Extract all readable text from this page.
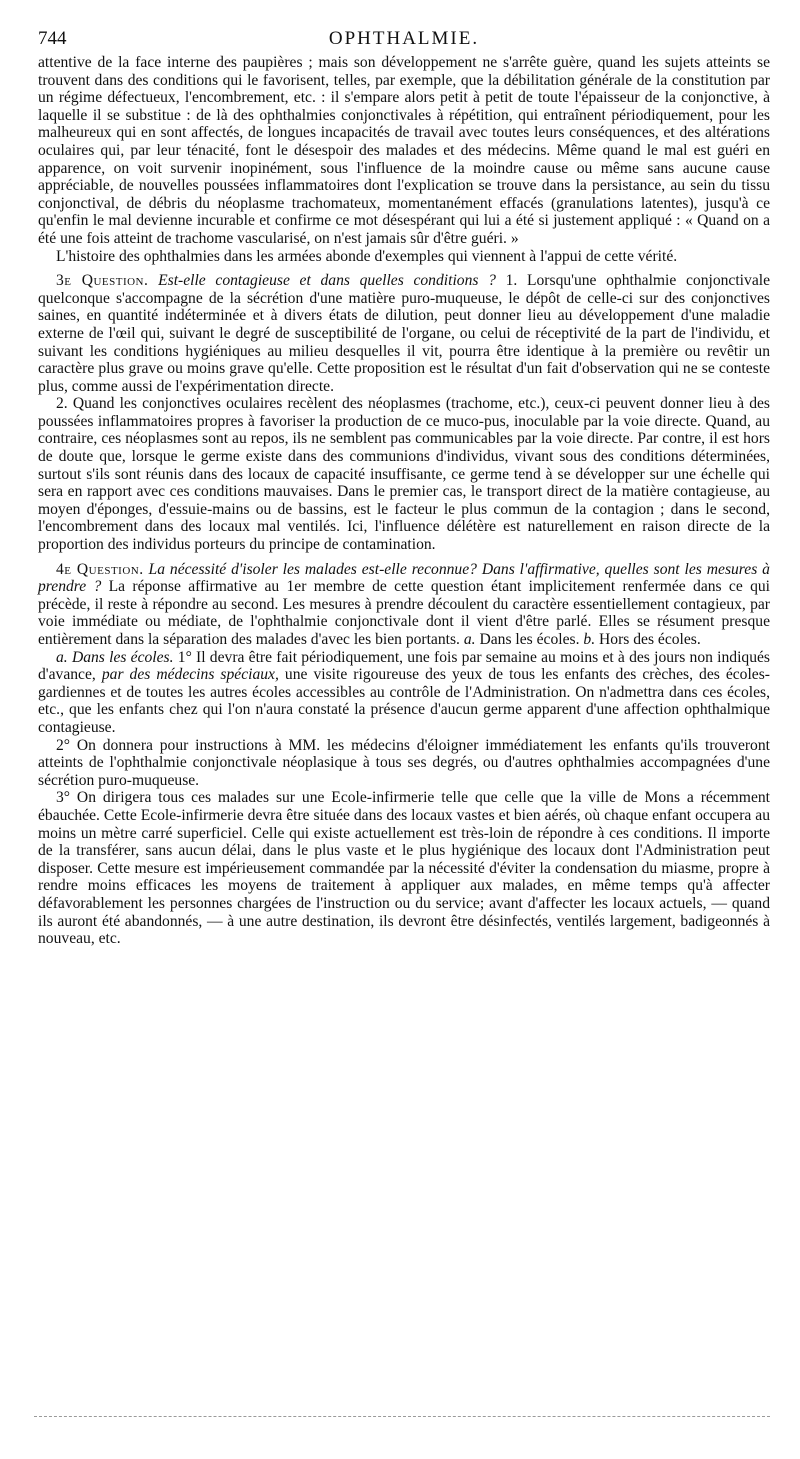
744	OPHTHALMIE.

attentive de la face interne des paupières ; mais son développement ne s'arrête guère, quand les sujets atteints se trouvent dans des conditions qui le favorisent, telles, par exemple, que la débilitation générale de la constitution par un régime défectueux, l'encombrement, etc. : il s'empare alors petit à petit de toute l'épaisseur de la conjonctive, à laquelle il se substitue : de là des ophthalmies conjonctivales à répétition, qui entraînent périodiquement, pour les malheureux qui en sont affectés, de longues incapacités de travail avec toutes leurs conséquences, et des altérations oculaires qui, par leur ténacité, font le désespoir des malades et des médecins. Même quand le mal est guéri en apparence, on voit survenir inopinément, sous l'influence de la moindre cause ou même sans aucune cause appréciable, de nouvelles poussées inflammatoires dont l'explication se trouve dans la persistance, au sein du tissu conjonctival, de débris du néoplasme trachomateux, momentanément effacés (granulations latentes), jusqu'à ce qu'enfin le mal devienne incurable et confirme ce mot désespérant qui lui a été si justement appliqué : « Quand on a été une fois atteint de trachome vascularisé, on n'est jamais sûr d'être guéri. »

L'histoire des ophthalmies dans les armées abonde d'exemples qui viennent à l'appui de cette vérité.

3e Question. Est-elle contagieuse et dans quelles conditions ? 1. Lorsqu'une ophthalmie conjonctivale quelconque s'accompagne de la sécrétion d'une matière puro-muqueuse, le dépôt de celle-ci sur des conjonctives saines, en quantité indéterminée et à divers états de dilution, peut donner lieu au développement d'une maladie externe de l'œil qui, suivant le degré de susceptibilité de l'organe, ou celui de réceptivité de la part de l'individu, et suivant les conditions hygiéniques au milieu desquelles il vit, pourra être identique à la première ou revêtir un caractère plus grave ou moins grave qu'elle. Cette proposition est le résultat d'un fait d'observation qui ne se conteste plus, comme aussi de l'expérimentation directe.

2. Quand les conjonctives oculaires recèlent des néoplasmes (trachome, etc.), ceux-ci peuvent donner lieu à des poussées inflammatoires propres à favoriser la production de ce muco-pus, inoculable par la voie directe. Quand, au contraire, ces néoplasmes sont au repos, ils ne semblent pas communicables par la voie directe. Par contre, il est hors de doute que, lorsque le germe existe dans des communions d'individus, vivant sous des conditions déterminées, surtout s'ils sont réunis dans des locaux de capacité insuffisante, ce germe tend à se développer sur une échelle qui sera en rapport avec ces conditions mauvaises. Dans le premier cas, le transport direct de la matière contagieuse, au moyen d'éponges, d'essuie-mains ou de bassins, est le facteur le plus commun de la contagion ; dans le second, l'encombrement dans des locaux mal ventilés. Ici, l'influence délétère est naturellement en raison directe de la proportion des individus porteurs du principe de contamination.

4e Question. La nécessité d'isoler les malades est-elle reconnue? Dans l'affirmative, quelles sont les mesures à prendre ? La réponse affirmative au 1er membre de cette question étant implicitement renfermée dans ce qui précède, il reste à répondre au second. Les mesures à prendre découlent du caractère essentiellement contagieux, par voie immédiate ou médiate, de l'ophthalmie conjonctivale dont il vient d'être parlé. Elles se résument presque entièrement dans la séparation des malades d'avec les bien portants. a. Dans les écoles. b. Hors des écoles.

a. Dans les écoles. 1° Il devra être fait périodiquement, une fois par semaine au moins et à des jours non indiqués d'avance, par des médecins spéciaux, une visite rigoureuse des yeux de tous les enfants des crèches, des écoles-gardiennes et de toutes les autres écoles accessibles au contrôle de l'Administration. On n'admettra dans ces écoles, etc., que les enfants chez qui l'on n'aura constaté la présence d'aucun germe apparent d'une affection ophthalmique contagieuse.

2° On donnera pour instructions à MM. les médecins d'éloigner immédiatement les enfants qu'ils trouveront atteints de l'ophthalmie conjonctivale néoplasique à tous ses degrés, ou d'autres ophthalmies accompagnées d'une sécrétion puro-muqueuse.

3° On dirigera tous ces malades sur une Ecole-infirmerie telle que celle que la ville de Mons a récemment ébauchée. Cette Ecole-infirmerie devra être située dans des locaux vastes et bien aérés, où chaque enfant occupera au moins un mètre carré superficiel. Celle qui existe actuellement est très-loin de répondre à ces conditions. Il importe de la transférer, sans aucun délai, dans le plus vaste et le plus hygiénique des locaux dont l'Administration peut disposer. Cette mesure est impérieusement commandée par la nécessité d'éviter la condensation du miasme, propre à rendre moins efficaces les moyens de traitement à appliquer aux malades, en même temps qu'à affecter défavorablement les personnes chargées de l'instruction ou du service; avant d'affecter les locaux actuels, — quand ils auront été abandonnés, — à une autre destination, ils devront être désinfectés, ventilés largement, badigeonnés à nouveau, etc.
